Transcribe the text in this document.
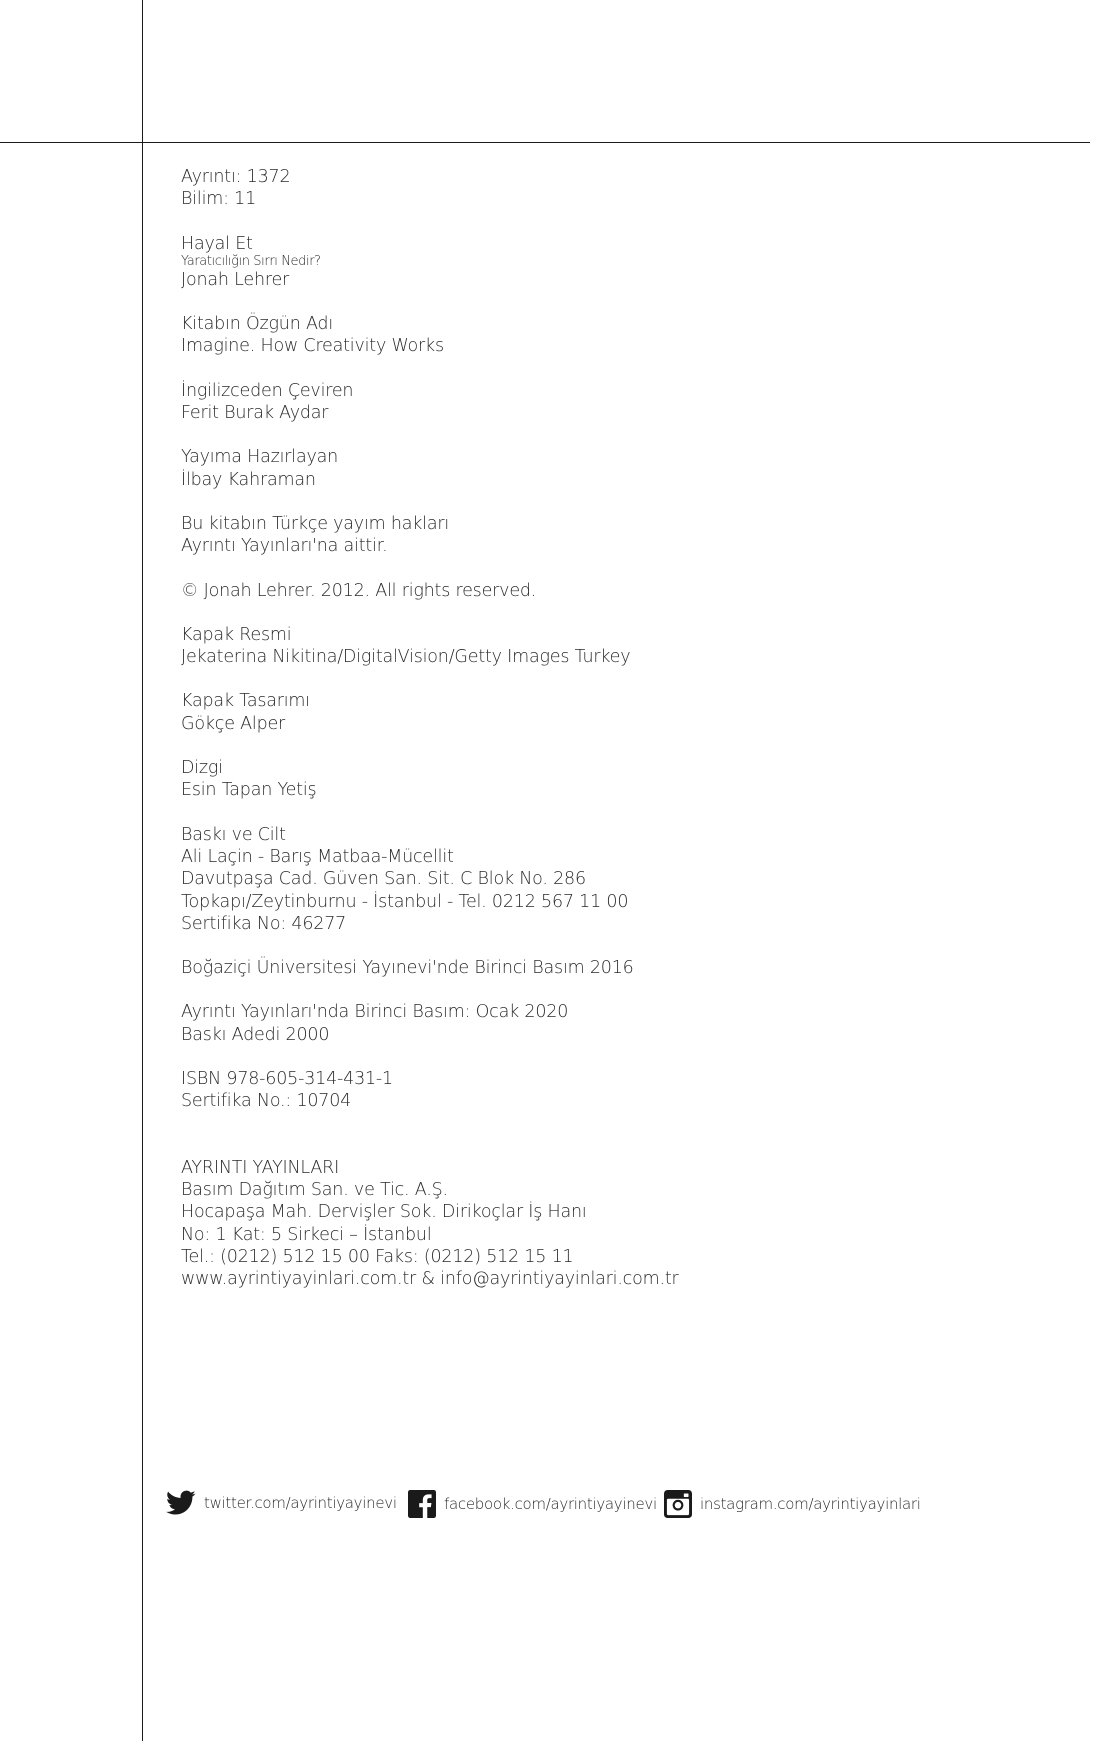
Ayrıntı: 1372

Bilim: 11

Hayal Et

Yaratıcılığın Sırrı Nedir?

Jonah Lehrer

Kitabın Özgün Adı

Imagine. How Creativity Works

İngilizceden Çeviren

Ferit Burak Aydar

Yayıma Hazırlayan

İlbay Kahraman

Bu kitabın Türkçe yayım hakları

Ayrıntı Yayınları'na aittir.

© Jonah Lehrer. 2012. All rights reserved.

Kapak Resmi

Jekaterina Nikitina/DigitalVision/Getty Images Turkey

Kapak Tasarımı

Gökçe Alper

Dizgi

Esin Tapan Yetiş

Baskı ve Cilt

Ali Laçin - Barış Matbaa-Mücellit

Davutpaşa Cad. Güven San. Sit. C Blok No. 286

Topkapı/Zeytinburnu - İstanbul - Tel. 0212 567 11 00

Sertifika No: 46277

Boğaziçi Üniversitesi Yayınevi'nde Birinci Basım 2016

Ayrıntı Yayınları'nda Birinci Basım: Ocak 2020

Baskı Adedi 2000

ISBN 978-605-314-431-1

Sertifika No.: 10704

AYRINTI YAYINLARI

Basım Dağıtım San. ve Tic. A.Ş.

Hocapaşa Mah. Dervişler Sok. Dirikoçlar İş Hanı

No: 1 Kat: 5 Sirkeci – İstanbul

Tel.: (0212) 512 15 00 Faks: (0212) 512 15 11

www.ayrintiyayinlari.com.tr & info@ayrintiyayinlari.com.tr

twitter.com/ayrintiyayinevi	facebook.com/ayrintiyayinevi	instagram.com/ayrintiyayinlari
